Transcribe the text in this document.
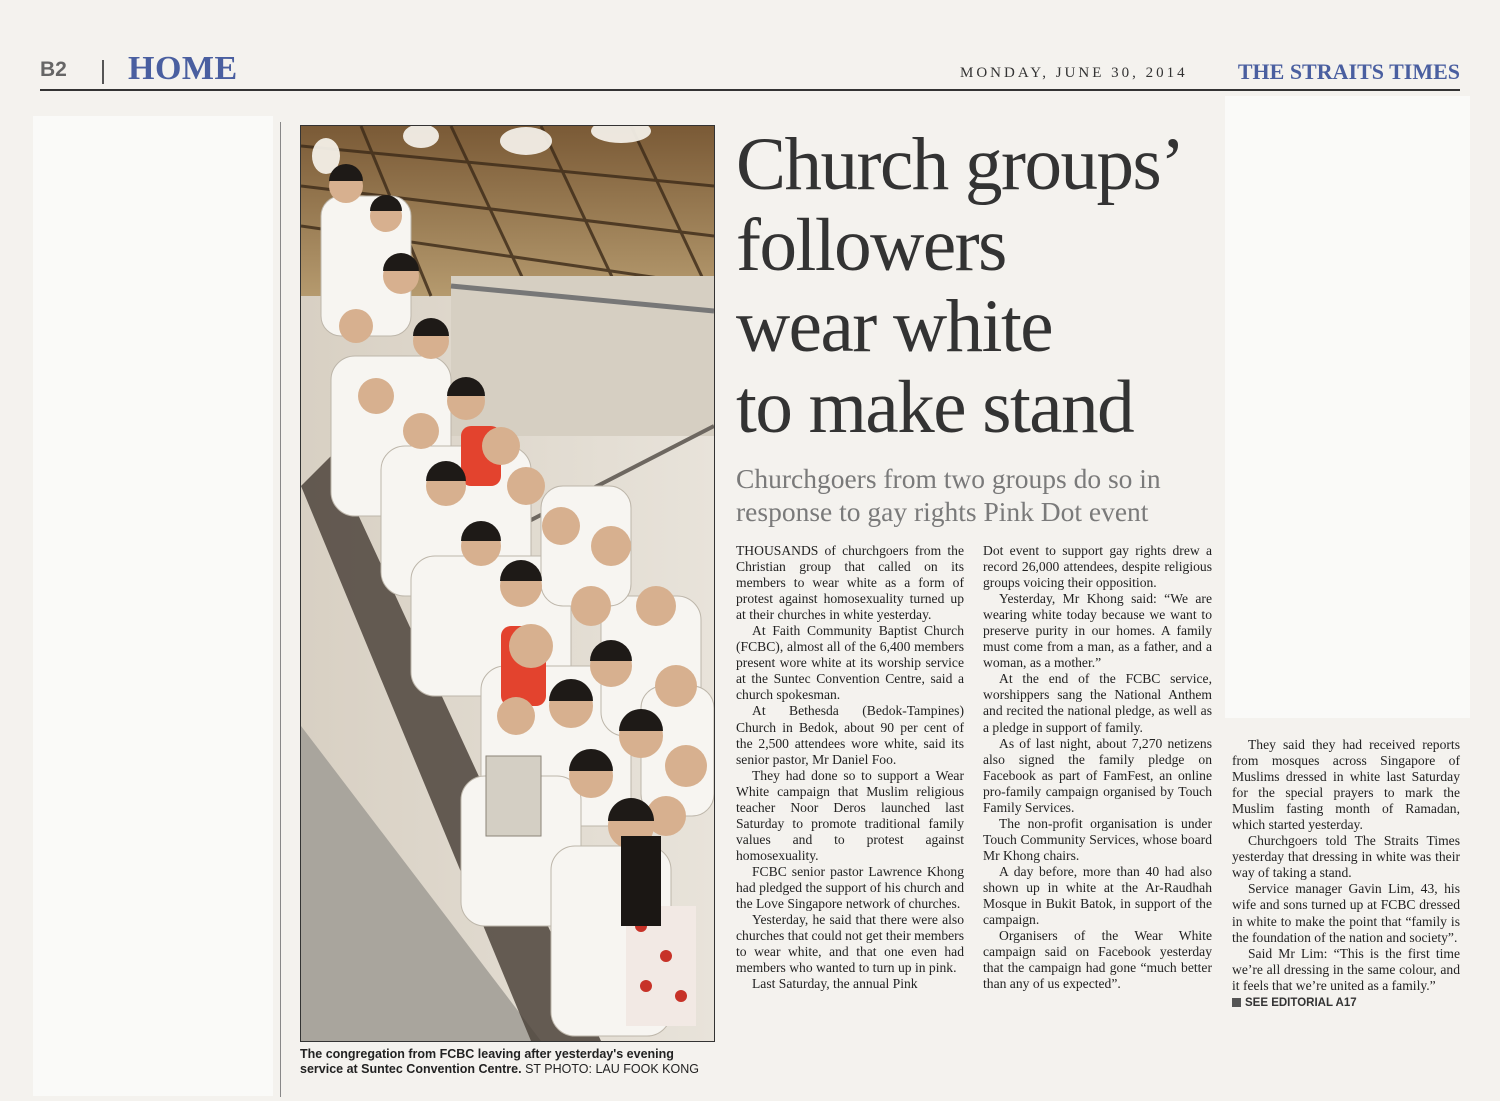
B2 HOME	MONDAY, JUNE 30, 2014 THE STRAITS TIMES
The congregation from FCBC leaving after yesterday's evening service at Suntec Convention Centre. ST PHOTO: LAU FOOK KONG
Church groups’
followers
wear white
to make stand
Churchgoers from two groups do so in response to gay rights Pink Dot event

THOUSANDS of churchgoers from the Christian group that called on its members to wear white as a form of protest against homosexuality turned up at their churches in white yesterday.

At Faith Community Baptist Church (FCBC), almost all of the 6,400 members present wore white at its worship service at the Suntec Convention Centre, said a church spokesman.

At Bethesda (Bedok-Tampines) Church in Bedok, about 90 per cent of the 2,500 attendees wore white, said its senior pastor, Mr Daniel Foo.

They had done so to support a Wear White campaign that Muslim religious teacher Noor Deros launched last Saturday to promote traditional family values and to protest against homosexuality.

FCBC senior pastor Lawrence Khong had pledged the support of his church and the Love Singapore network of churches.

Yesterday, he said that there were also churches that could not get their members to wear white, and that one even had members who wanted to turn up in pink.

Last Saturday, the annual Pink

Dot event to support gay rights drew a record 26,000 attendees, despite religious groups voicing their opposition.

Yesterday, Mr Khong said: “We are wearing white today because we want to preserve purity in our homes. A family must come from a man, as a father, and a woman, as a mother.”

At the end of the FCBC service, worshippers sang the National Anthem and recited the national pledge, as well as a pledge in support of family.

As of last night, about 7,270 netizens also signed the family pledge on Facebook as part of FamFest, an online pro-family campaign organised by Touch Family Services.

The non-profit organisation is under Touch Community Services, whose board Mr Khong chairs.

A day before, more than 40 had also shown up in white at the Ar-Raudhah Mosque in Bukit Batok, in support of the campaign.

Organisers of the Wear White campaign said on Facebook yesterday that the campaign had gone “much better than any of us expected”.

They said they had received reports from mosques across Singapore of Muslims dressed in white last Saturday for the special prayers to mark the Muslim fasting month of Ramadan, which started yesterday.

Churchgoers told The Straits Times yesterday that dressing in white was their way of taking a stand.

Service manager Gavin Lim, 43, his wife and sons turned up at FCBC dressed in white to make the point that “family is the foundation of the nation and society”.

Said Mr Lim: “This is the first time we’re all dressing in the same colour, and it feels that we’re united as a family.”

SEE EDITORIAL A17
